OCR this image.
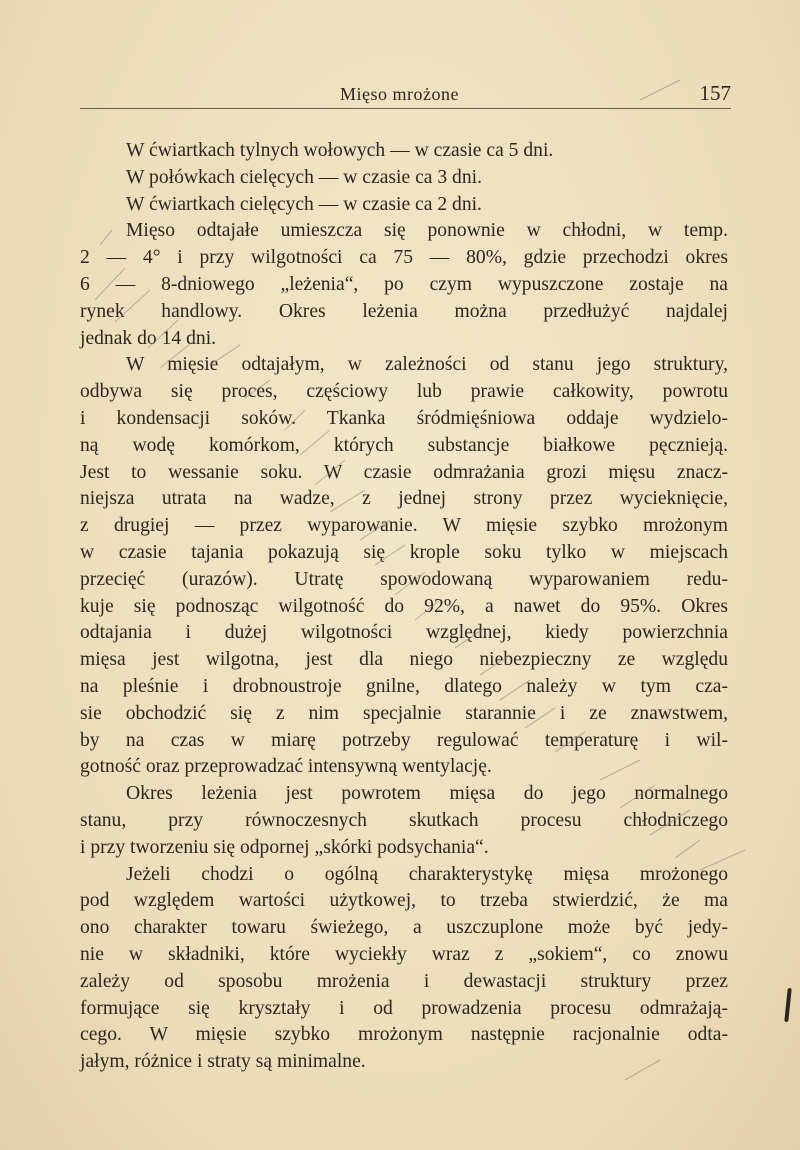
Mięso mrożone	157
W ćwiartkach tylnych wołowych — w czasie ca 5 dni.
W połówkach cielęcych — w czasie ca 3 dni.
W ćwiartkach cielęcych — w czasie ca 2 dni.
Mięso odtajałe umieszcza się ponownie w chłodni, w temp.
2 — 4° i przy wilgotności ca 75 — 80%, gdzie przechodzi okres
6 — 8-dniowego „leżenia“, po czym wypuszczone zostaje na
rynek handlowy. Okres leżenia można przedłużyć najdalej
jednak do 14 dni.
W mięsie odtajałym, w zależności od stanu jego struktury,
odbywa się proces, częściowy lub prawie całkowity, powrotu
i kondensacji soków. Tkanka śródmięśniowa oddaje wydzielo-
ną wodę komórkom, których substancje białkowe pęcznieją.
Jest to wessanie soku. W czasie odmrażania grozi mięsu znacz-
niejsza utrata na wadze, z jednej strony przez wycieknięcie,
z drugiej — przez wyparowanie. W mięsie szybko mrożonym
w czasie tajania pokazują się krople soku tylko w miejscach
przecięć (urazów). Utratę spowodowaną wyparowaniem redu-
kuje się podnosząc wilgotność do 92%, a nawet do 95%. Okres
odtajania i dużej wilgotności względnej, kiedy powierzchnia
mięsa jest wilgotna, jest dla niego niebezpieczny ze względu
na pleśnie i drobnoustroje gnilne, dlatego należy w tym cza-
sie obchodzić się z nim specjalnie starannie i ze znawstwem,
by na czas w miarę potrzeby regulować temperaturę i wil-
gotność oraz przeprowadzać intensywną wentylację.
Okres leżenia jest powrotem mięsa do jego normalnego
stanu, przy równoczesnych skutkach procesu chłodniczego
i przy tworzeniu się odpornej „skórki podsychania“.
Jeżeli chodzi o ogólną charakterystykę mięsa mrożonego
pod względem wartości użytkowej, to trzeba stwierdzić, że ma
ono charakter towaru świeżego, a uszczuplone może być jedy-
nie w składniki, które wyciekły wraz z „sokiem“, co znowu
zależy od sposobu mrożenia i dewastacji struktury przez
formujące się kryształy i od prowadzenia procesu odmrażają-
cego. W mięsie szybko mrożonym następnie racjonalnie odta-
jałym, różnice i straty są minimalne.
